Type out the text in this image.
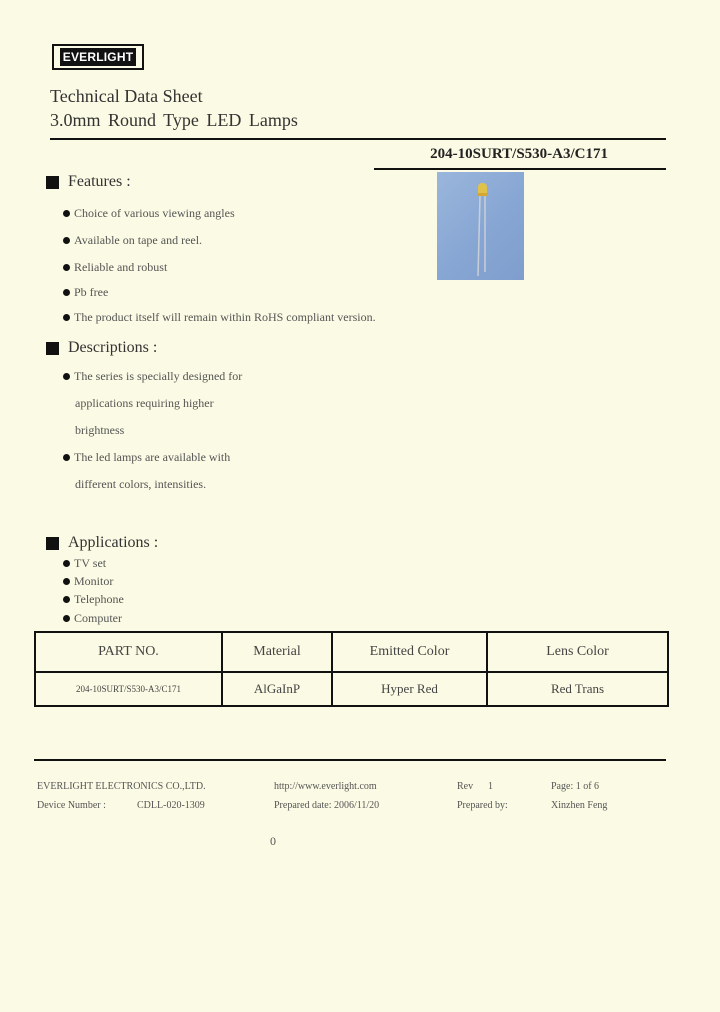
EVERLIGHT
Technical Data Sheet
3.0mm Round Type LED Lamps
204-10SURT/S530-A3/C171
Features :
Choice of various viewing angles
Available on tape and reel.
Reliable and robust
Pb free
The product itself will remain within RoHS compliant version.
Descriptions :
The series is specially designed for
applications requiring higher
brightness
The led lamps are available with
different colors, intensities.
Applications :
TV set
Monitor
Telephone
Computer
PART NO.	Material	Emitted Color	Lens Color
204-10SURT/S530-A3/C171	AlGaInP	Hyper Red	Red Trans
EVERLIGHT ELECTRONICS CO.,LTD.	http://www.everlight.com	Rev 1	Page: 1 of 6
Device Number :	CDLL-020-1309	Prepared date: 2006/11/20	Prepared by:	Xinzhen Feng
0
